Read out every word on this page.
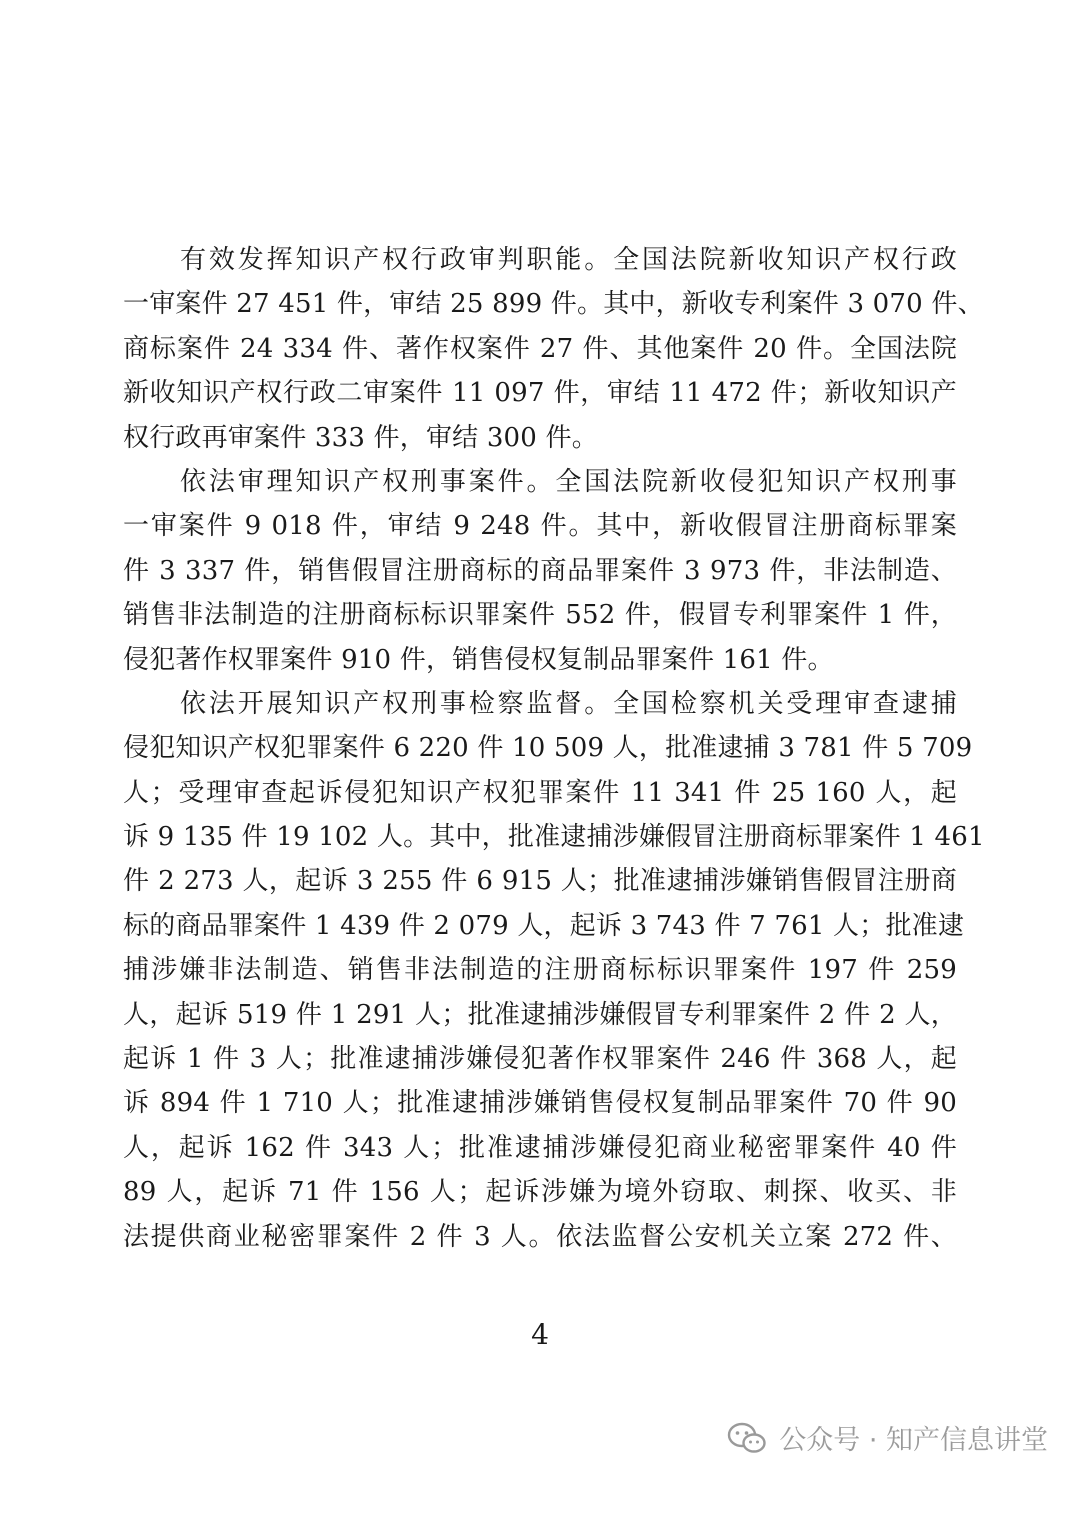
有效发挥知识产权行政审判职能。全国法院新收知识产权行政
一审案件 27 451 件，审结 25 899 件。其中，新收专利案件 3 070 件、
商标案件 24 334 件、著作权案件 27 件、其他案件 20 件。全国法院
新收知识产权行政二审案件 11 097 件，审结 11 472 件；新收知识产
权行政再审案件 333 件，审结 300 件。
依法审理知识产权刑事案件。全国法院新收侵犯知识产权刑事
一审案件 9 018 件，审结 9 248 件。其中，新收假冒注册商标罪案
件 3 337 件，销售假冒注册商标的商品罪案件 3 973 件，非法制造、
销售非法制造的注册商标标识罪案件 552 件，假冒专利罪案件 1 件，
侵犯著作权罪案件 910 件，销售侵权复制品罪案件 161 件。
依法开展知识产权刑事检察监督。全国检察机关受理审查逮捕
侵犯知识产权犯罪案件 6 220 件 10 509 人，批准逮捕 3 781 件 5 709
人；受理审查起诉侵犯知识产权犯罪案件 11 341 件 25 160 人，起
诉 9 135 件 19 102 人。其中，批准逮捕涉嫌假冒注册商标罪案件 1 461
件 2 273 人，起诉 3 255 件 6 915 人；批准逮捕涉嫌销售假冒注册商
标的商品罪案件 1 439 件 2 079 人，起诉 3 743 件 7 761 人；批准逮
捕涉嫌非法制造、销售非法制造的注册商标标识罪案件 197 件 259
人，起诉 519 件 1 291 人；批准逮捕涉嫌假冒专利罪案件 2 件 2 人，
起诉 1 件 3 人；批准逮捕涉嫌侵犯著作权罪案件 246 件 368 人，起
诉 894 件 1 710 人；批准逮捕涉嫌销售侵权复制品罪案件 70 件 90
人，起诉 162 件 343 人；批准逮捕涉嫌侵犯商业秘密罪案件 40 件
89 人，起诉 71 件 156 人；起诉涉嫌为境外窃取、刺探、收买、非
法提供商业秘密罪案件 2 件 3 人。依法监督公安机关立案 272 件、
4
公众号 · 知产信息讲堂
